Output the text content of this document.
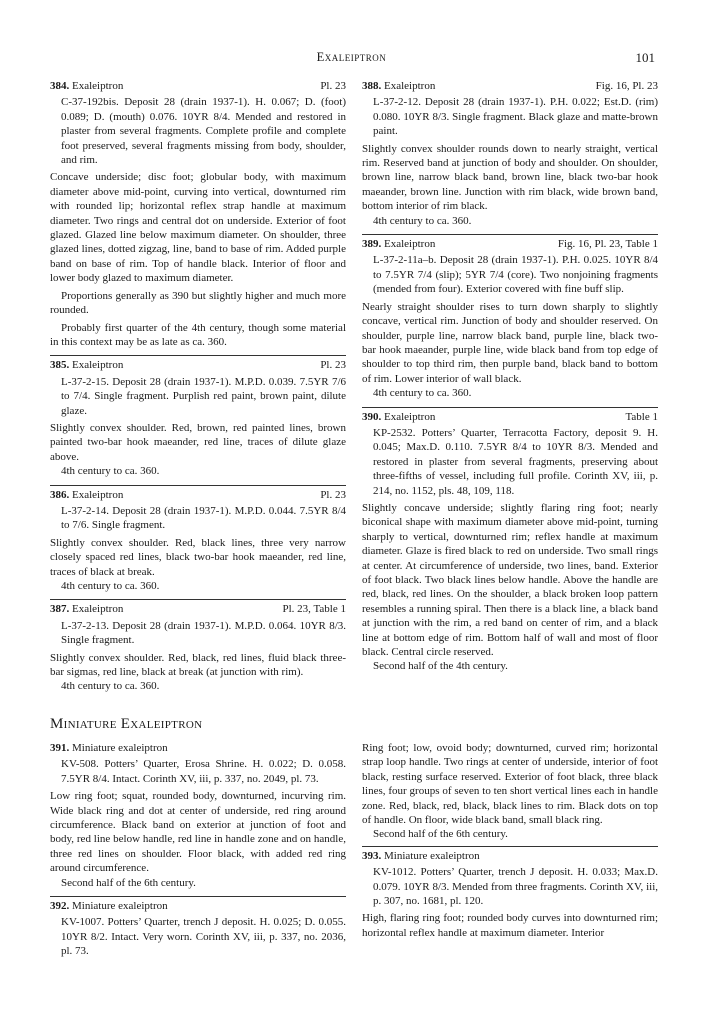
Exaleiptron	101
384. Exaleiptron	Pl. 23

C-37-192bis. Deposit 28 (drain 1937-1). H. 0.067; D. (foot) 0.089; D. (mouth) 0.076. 10YR 8/4. Mended and restored in plaster from several fragments. Complete profile and complete foot preserved, several fragments missing from body, shoulder, and rim.

Concave underside; disc foot; globular body, with maximum diameter above mid-point, curving into vertical, downturned rim with rounded lip; horizontal reflex strap handle at maximum diameter. Two rings and central dot on underside. Exterior of foot glazed. Glazed line below maximum diameter. On shoulder, three glazed lines, dotted zigzag, line, band to base of rim. Added purple band on base of rim. Top of handle black. Interior of floor and lower body glazed to maximum diameter.

Proportions generally as 390 but slightly higher and much more rounded.

Probably first quarter of the 4th century, though some material in this context may be as late as ca. 360.

385. Exaleiptron	Pl. 23

L-37-2-15. Deposit 28 (drain 1937-1). M.P.D. 0.039. 7.5YR 7/6 to 7/4. Single fragment. Purplish red paint, brown paint, dilute glaze.

Slightly convex shoulder. Red, brown, red painted lines, brown painted two-bar hook maeander, red line, traces of dilute glaze above.

4th century to ca. 360.

386. Exaleiptron	Pl. 23

L-37-2-14. Deposit 28 (drain 1937-1). M.P.D. 0.044. 7.5YR 8/4 to 7/6. Single fragment.

Slightly convex shoulder. Red, black lines, three very narrow closely spaced red lines, black two-bar hook maeander, red line, traces of black at break.

4th century to ca. 360.

387. Exaleiptron	Pl. 23, Table 1

L-37-2-13. Deposit 28 (drain 1937-1). M.P.D. 0.064. 10YR 8/3. Single fragment.

Slightly convex shoulder. Red, black, red lines, fluid black three-bar sigmas, red line, black at break (at junction with rim).

4th century to ca. 360.

388. Exaleiptron	Fig. 16, Pl. 23

L-37-2-12. Deposit 28 (drain 1937-1). P.H. 0.022; Est.D. (rim) 0.080. 10YR 8/3. Single fragment. Black glaze and matte-brown paint.

Slightly convex shoulder rounds down to nearly straight, vertical rim. Reserved band at junction of body and shoulder. On shoulder, brown line, narrow black band, brown line, black two-bar hook maeander, brown line. Junction with rim black, wide brown band, bottom interior of rim black.

4th century to ca. 360.

389. Exaleiptron	Fig. 16, Pl. 23, Table 1

L-37-2-11a–b. Deposit 28 (drain 1937-1). P.H. 0.025. 10YR 8/4 to 7.5YR 7/4 (slip); 5YR 7/4 (core). Two nonjoining fragments (mended from four). Exterior covered with fine buff slip.

Nearly straight shoulder rises to turn down sharply to slightly concave, vertical rim. Junction of body and shoulder reserved. On shoulder, purple line, narrow black band, purple line, black two-bar hook maeander, purple line, wide black band from top edge of shoulder to top third rim, then purple band, black band to bottom of rim. Lower interior of wall black.

4th century to ca. 360.

390. Exaleiptron	Table 1

KP-2532. Potters’ Quarter, Terracotta Factory, deposit 9. H. 0.045; Max.D. 0.110. 7.5YR 8/4 to 10YR 8/3. Mended and restored in plaster from several fragments, preserving about three-fifths of vessel, including full profile. Corinth XV, iii, p. 214, no. 1152, pls. 48, 109, 118.

Slightly concave underside; slightly flaring ring foot; nearly biconical shape with maximum diameter above mid-point, turning sharply to vertical, downturned rim; reflex handle at maximum diameter. Glaze is fired black to red on underside. Two small rings at center. At circumference of underside, two lines, band. Exterior of foot black. Two black lines below handle. Above the handle are red, black, red lines. On the shoulder, a black broken loop pattern resembles a running spiral. Then there is a black line, a black band at junction with the rim, a red band on center of rim, and a black line at bottom edge of rim. Bottom half of wall and most of floor black. Central circle reserved.

Second half of the 4th century.

Miniature Exaleiptron
391. Miniature exaleiptron

KV-508. Potters’ Quarter, Erosa Shrine. H. 0.022; D. 0.058. 7.5YR 8/4. Intact. Corinth XV, iii, p. 337, no. 2049, pl. 73.

Low ring foot; squat, rounded body, downturned, incurving rim. Wide black ring and dot at center of underside, red ring around circumference. Black band on exterior at junction of foot and body, red line below handle, red line in handle zone and on handle, three red lines on shoulder. Floor black, with added red ring around circumference.

Second half of the 6th century.

392. Miniature exaleiptron

KV-1007. Potters’ Quarter, trench J deposit. H. 0.025; D. 0.055. 10YR 8/2. Intact. Very worn. Corinth XV, iii, p. 337, no. 2036, pl. 73.

Ring foot; low, ovoid body; downturned, curved rim; horizontal strap loop handle. Two rings at center of underside, interior of foot black, resting surface reserved. Exterior of foot black, three black lines, four groups of seven to ten short vertical lines each in handle zone. Red, black, red, black, black lines to rim. Black dots on top of handle. On floor, wide black band, small black ring.

Second half of the 6th century.

393. Miniature exaleiptron

KV-1012. Potters’ Quarter, trench J deposit. H. 0.033; Max.D. 0.079. 10YR 8/3. Mended from three fragments. Corinth XV, iii, p. 307, no. 1681, pl. 120.

High, flaring ring foot; rounded body curves into downturned rim; horizontal reflex handle at maximum diameter. Interior
